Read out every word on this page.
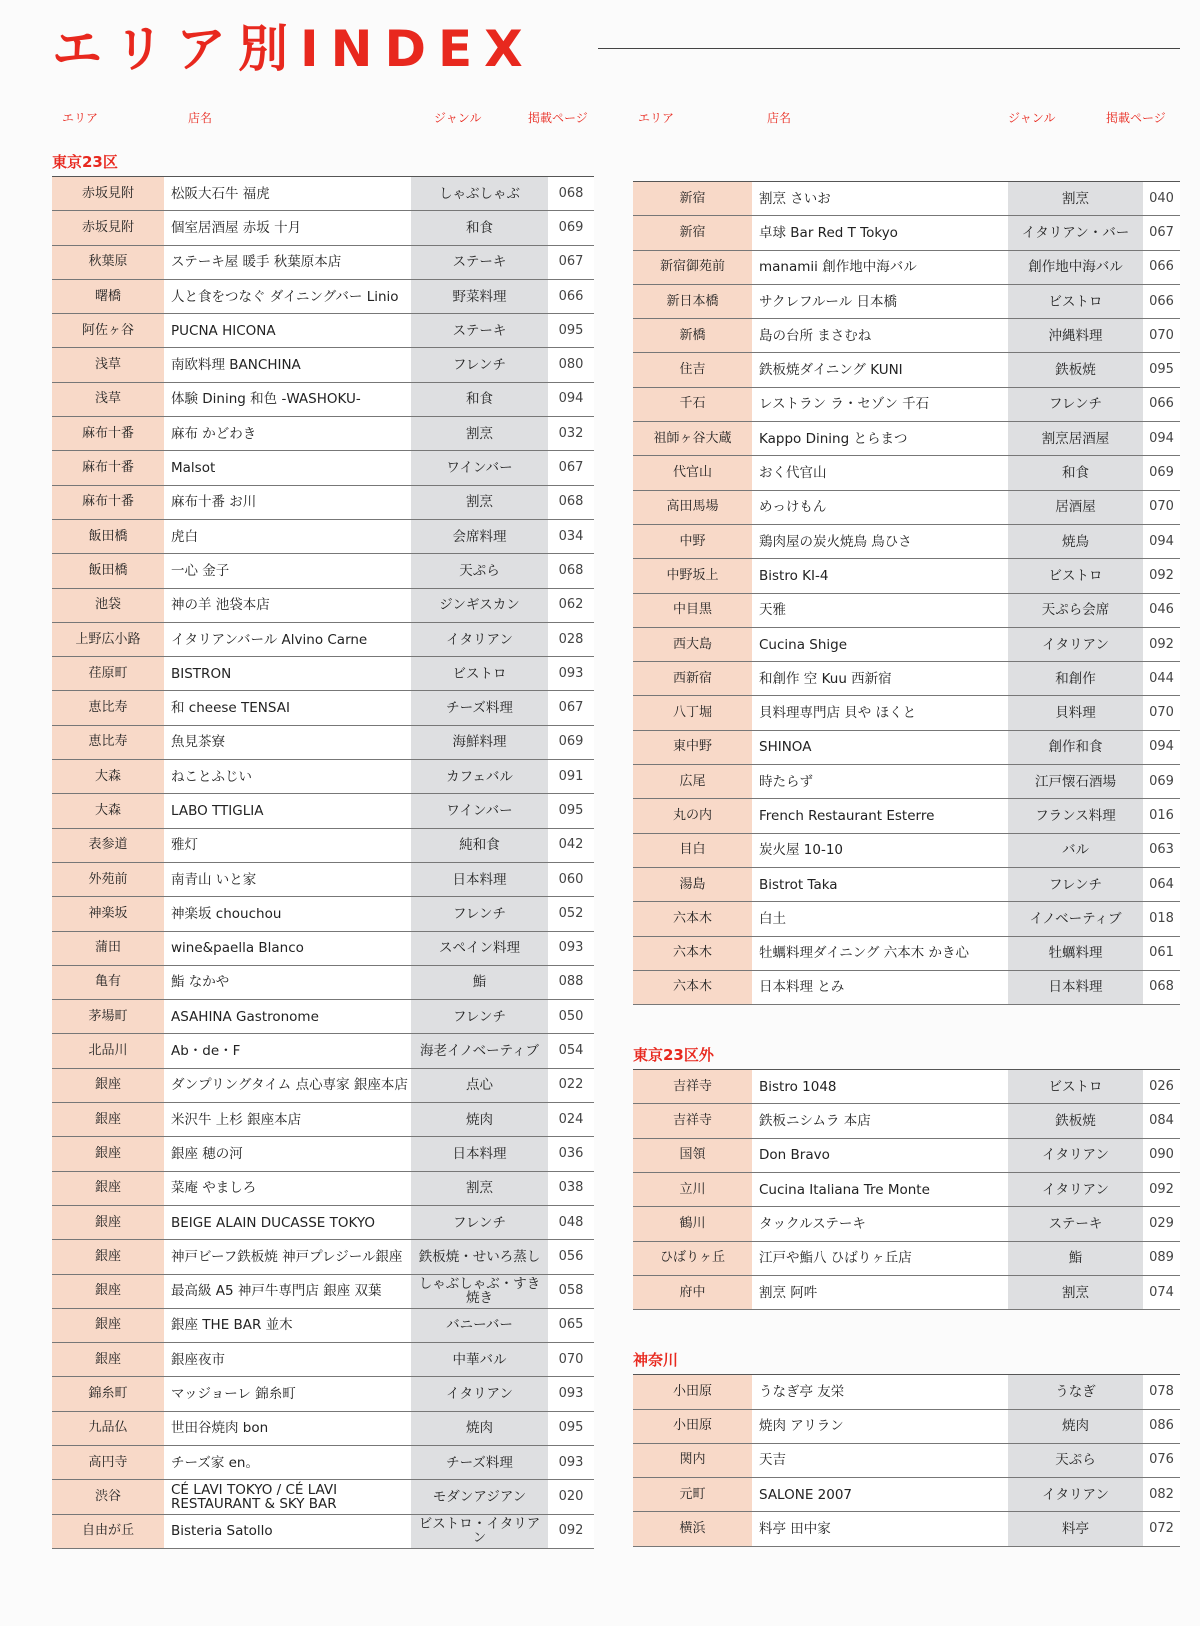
エリア別INDEX
エリア	店名	ジャンル	掲載ページ	エリア	店名	ジャンル	掲載ページ
東京23区
赤坂見附	松阪大石牛 福虎	しゃぶしゃぶ	068
赤坂見附	個室居酒屋 赤坂 十月	和食	069
秋葉原	ステーキ屋 暖手 秋葉原本店	ステーキ	067
曙橋	人と食をつなぐ ダイニングバー Linio	野菜料理	066
阿佐ヶ谷	PUCNA HICONA	ステーキ	095
浅草	南欧料理 BANCHINA	フレンチ	080
浅草	体験 Dining 和色 -WASHOKU-	和食	094
麻布十番	麻布 かどわき	割烹	032
麻布十番	Malsot	ワインバー	067
麻布十番	麻布十番 お川	割烹	068
飯田橋	虎白	会席料理	034
飯田橋	一心 金子	天ぷら	068
池袋	神の羊 池袋本店	ジンギスカン	062
上野広小路	イタリアンバール Alvino Carne	イタリアン	028
荏原町	BISTRON	ビストロ	093
恵比寿	和 cheese TENSAI	チーズ料理	067
恵比寿	魚見茶寮	海鮮料理	069
大森	ねことふじい	カフェバル	091
大森	LABO TTIGLIA	ワインバー	095
表参道	雅灯	純和食	042
外苑前	南青山 いと家	日本料理	060
神楽坂	神楽坂 chouchou	フレンチ	052
蒲田	wine&paella Blanco	スペイン料理	093
亀有	鮨 なかや	鮨	088
茅場町	ASAHINA Gastronome	フレンチ	050
北品川	Ab・de・F	海老イノベーティブ	054
銀座	ダンプリングタイム 点心専家 銀座本店	点心	022
銀座	米沢牛 上杉 銀座本店	焼肉	024
銀座	銀座 穂の河	日本料理	036
銀座	菜庵 やましろ	割烹	038
銀座	BEIGE ALAIN DUCASSE TOKYO	フレンチ	048
銀座	神戸ビーフ鉄板焼 神戸プレジール銀座	鉄板焼・せいろ蒸し	056
銀座	最高級 A5 神戸牛専門店 銀座 双葉	しゃぶしゃぶ・すき焼き	058
銀座	銀座 THE BAR 並木	バニーバー	065
銀座	銀座夜市	中華バル	070
錦糸町	マッジョーレ 錦糸町	イタリアン	093
九品仏	世田谷焼肉 bon	焼肉	095
高円寺	チーズ家 en。	チーズ料理	093
渋谷	CÉ LAVI TOKYO / CÉ LAVI RESTAURANT & SKY BAR	モダンアジアン	020
自由が丘	Bisteria Satollo	ビストロ・イタリアン	092
新宿	割烹 さいお	割烹	040
新宿	卓球 Bar Red T Tokyo	イタリアン・バー	067
新宿御苑前	manamii 創作地中海バル	創作地中海バル	066
新日本橋	サクレフルール 日本橋	ビストロ	066
新橋	島の台所 まさむね	沖縄料理	070
住吉	鉄板焼ダイニング KUNI	鉄板焼	095
千石	レストラン ラ・セゾン 千石	フレンチ	066
祖師ヶ谷大蔵	Kappo Dining とらまつ	割烹居酒屋	094
代官山	おく代官山	和食	069
高田馬場	めっけもん	居酒屋	070
中野	鶏肉屋の炭火焼鳥 鳥ひさ	焼鳥	094
中野坂上	Bistro KI-4	ビストロ	092
中目黒	天雅	天ぷら会席	046
西大島	Cucina Shige	イタリアン	092
西新宿	和創作 空 Kuu 西新宿	和創作	044
八丁堀	貝料理専門店 貝や ほくと	貝料理	070
東中野	SHINOA	創作和食	094
広尾	時たらず	江戸懐石酒場	069
丸の内	French Restaurant Esterre	フランス料理	016
目白	炭火屋 10-10	バル	063
湯島	Bistrot Taka	フレンチ	064
六本木	白土	イノベーティブ	018
六本木	牡蠣料理ダイニング 六本木 かき心	牡蠣料理	061
六本木	日本料理 とみ	日本料理	068
東京23区外
吉祥寺	Bistro 1048	ビストロ	026
吉祥寺	鉄板ニシムラ 本店	鉄板焼	084
国領	Don Bravo	イタリアン	090
立川	Cucina Italiana Tre Monte	イタリアン	092
鶴川	タックルステーキ	ステーキ	029
ひばりヶ丘	江戸や鮨八 ひばりヶ丘店	鮨	089
府中	割烹 阿吽	割烹	074
神奈川
小田原	うなぎ亭 友栄	うなぎ	078
小田原	焼肉 アリラン	焼肉	086
関内	天吉	天ぷら	076
元町	SALONE 2007	イタリアン	082
横浜	料亭 田中家	料亭	072
